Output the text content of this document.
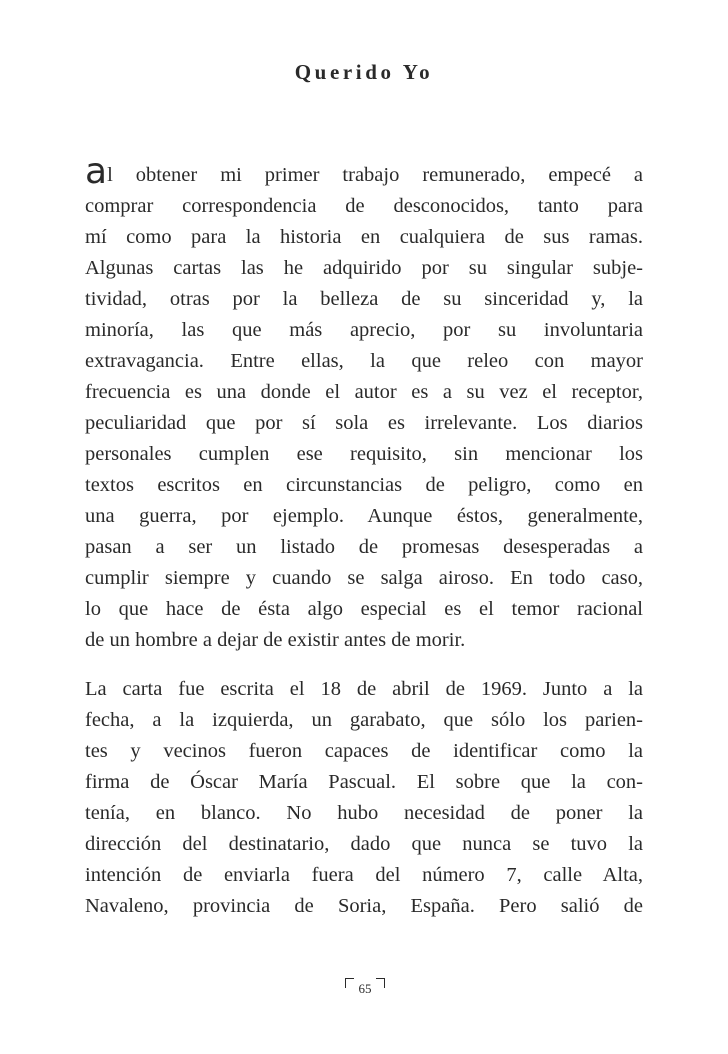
Querido Yo

al obtener mi primer trabajo remunerado, empecé a
comprar correspondencia de desconocidos, tanto para
mí como para la historia en cualquiera de sus ramas.
Algunas cartas las he adquirido por su singular subje-
tividad, otras por la belleza de su sinceridad y, la
minoría, las que más aprecio, por su involuntaria
extravagancia. Entre ellas, la que releo con mayor
frecuencia es una donde el autor es a su vez el receptor,
peculiaridad que por sí sola es irrelevante. Los diarios
personales cumplen ese requisito, sin mencionar los
textos escritos en circunstancias de peligro, como en
una guerra, por ejemplo. Aunque éstos, generalmente,
pasan a ser un listado de promesas desesperadas a
cumplir siempre y cuando se salga airoso. En todo caso,
lo que hace de ésta algo especial es el temor racional
de un hombre a dejar de existir antes de morir.

La carta fue escrita el 18 de abril de 1969. Junto a la
fecha, a la izquierda, un garabato, que sólo los parien-
tes y vecinos fueron capaces de identificar como la
firma de Óscar María Pascual. El sobre que la con-
tenía, en blanco. No hubo necesidad de poner la
dirección del destinatario, dado que nunca se tuvo la
intención de enviarla fuera del número 7, calle Alta,
Navaleno, provincia de Soria, España. Pero salió de

65
